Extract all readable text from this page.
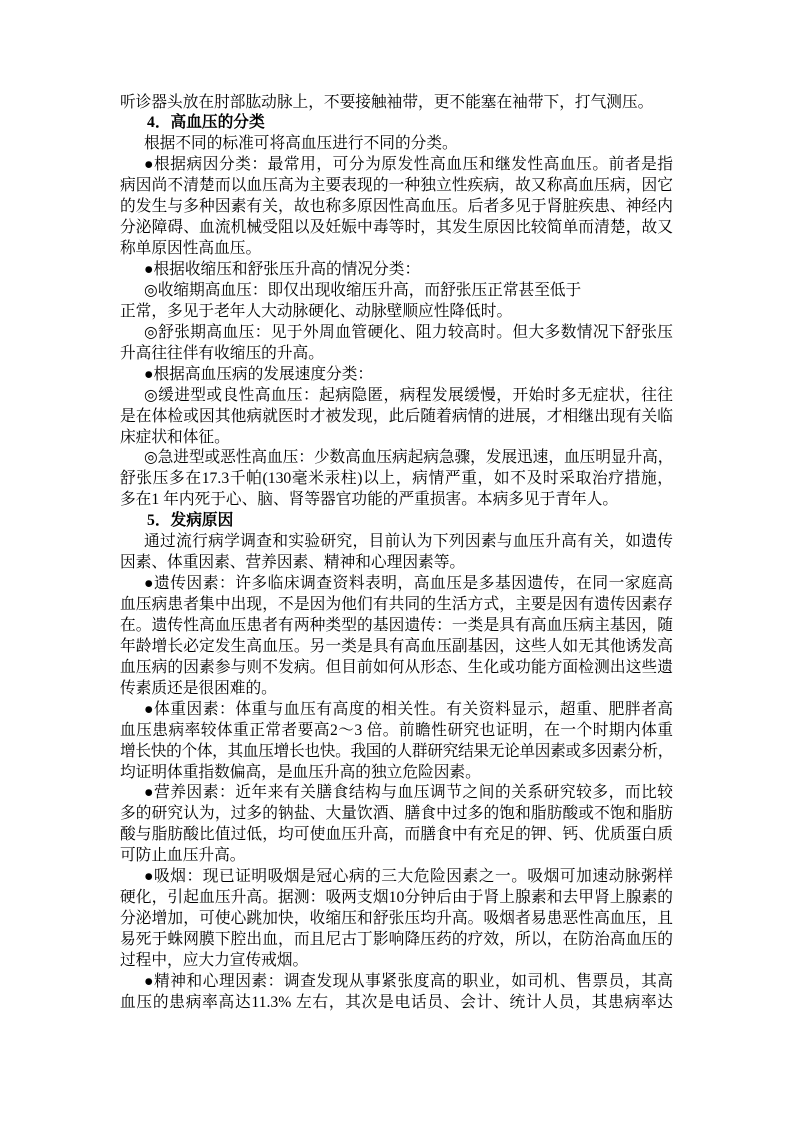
听诊器头放在肘部肱动脉上，不要接触袖带，更不能塞在袖带下，打气测压。
4．高血压的分类
根据不同的标准可将高血压进行不同的分类。
●根据病因分类：最常用，可分为原发性高血压和继发性高血压。前者是指
病因尚不清楚而以血压高为主要表现的一种独立性疾病，故又称高血压病，因它
的发生与多种因素有关，故也称多原因性高血压。后者多见于肾脏疾患、神经内
分泌障碍、血流机械受阻以及妊娠中毒等时，其发生原因比较简单而清楚，故又
称单原因性高血压。
●根据收缩压和舒张压升高的情况分类：
◎收缩期高血压：即仅出现收缩压升高，而舒张压正常甚至低于
正常，多见于老年人大动脉硬化、动脉壁顺应性降低时。
◎舒张期高血压：见于外周血管硬化、阻力较高时。但大多数情况下舒张压
升高往往伴有收缩压的升高。
●根据高血压病的发展速度分类：
◎缓进型或良性高血压：起病隐匿，病程发展缓慢，开始时多无症状，往往
是在体检或因其他病就医时才被发现，此后随着病情的进展，才相继出现有关临
床症状和体征。
◎急进型或恶性高血压：少数高血压病起病急骤，发展迅速，血压明显升高，
舒张压多在17.3千帕(130毫米汞柱)以上，病情严重，如不及时采取治疗措施，
多在1 年内死于心、脑、肾等器官功能的严重损害。本病多见于青年人。
5．发病原因
通过流行病学调查和实验研究，目前认为下列因素与血压升高有关，如遗传
因素、体重因素、营养因素、精神和心理因素等。
●遗传因素：许多临床调查资料表明，高血压是多基因遗传，在同一家庭高
血压病患者集中出现，不是因为他们有共同的生活方式，主要是因有遗传因素存
在。遗传性高血压患者有两种类型的基因遗传：一类是具有高血压病主基因，随
年龄增长必定发生高血压。另一类是具有高血压副基因，这些人如无其他诱发高
血压病的因素参与则不发病。但目前如何从形态、生化或功能方面检测出这些遗
传素质还是很困难的。
●体重因素：体重与血压有高度的相关性。有关资料显示，超重、肥胖者高
血压患病率较体重正常者要高2～3 倍。前瞻性研究也证明，在一个时期内体重
增长快的个体，其血压增长也快。我国的人群研究结果无论单因素或多因素分析，
均证明体重指数偏高，是血压升高的独立危险因素。
●营养因素：近年来有关膳食结构与血压调节之间的关系研究较多，而比较
多的研究认为，过多的钠盐、大量饮酒、膳食中过多的饱和脂肪酸或不饱和脂肪
酸与脂肪酸比值过低，均可使血压升高，而膳食中有充足的钾、钙、优质蛋白质
可防止血压升高。
●吸烟：现已证明吸烟是冠心病的三大危险因素之一。吸烟可加速动脉粥样
硬化，引起血压升高。据测：吸两支烟10分钟后由于肾上腺素和去甲肾上腺素的
分泌增加，可使心跳加快，收缩压和舒张压均升高。吸烟者易患恶性高血压，且
易死于蛛网膜下腔出血，而且尼古丁影响降压药的疗效，所以，在防治高血压的
过程中，应大力宣传戒烟。
●精神和心理因素：调查发现从事紧张度高的职业，如司机、售票员，其高
血压的患病率高达11.3% 左右，其次是电话员、会计、统计人员，其患病率达
